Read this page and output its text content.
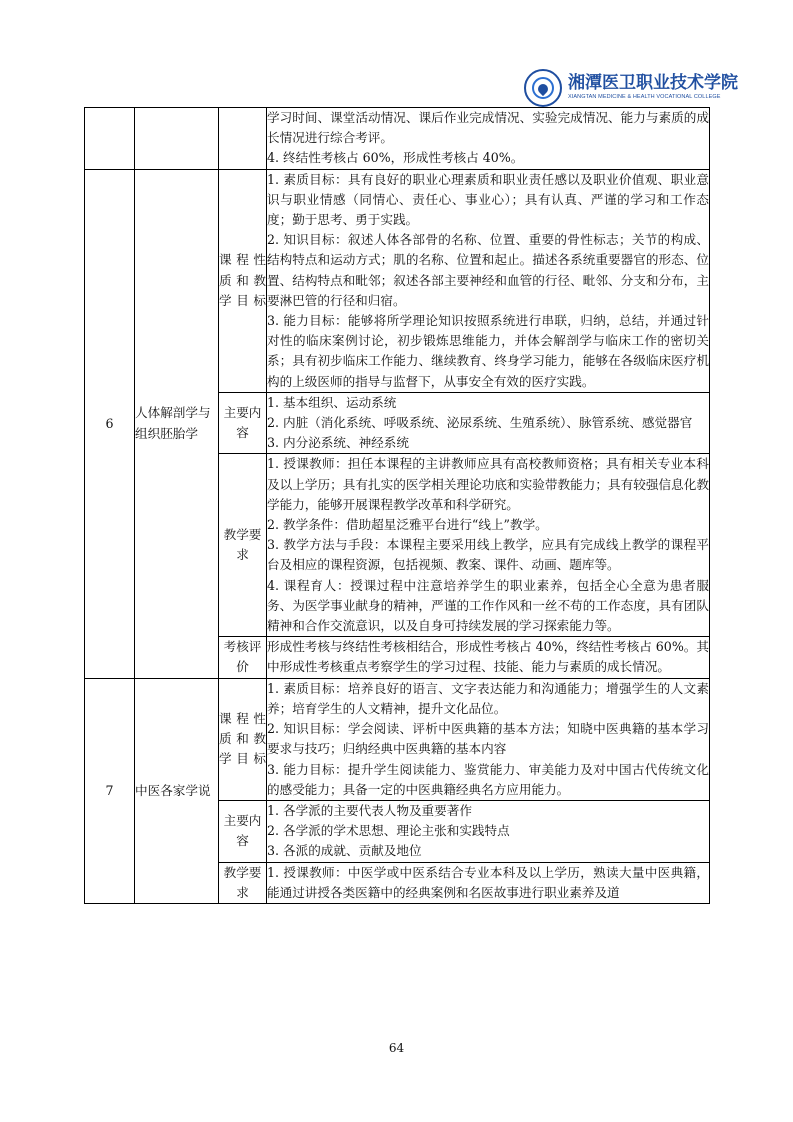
湘潭医卫职业技术学院
XIANGTAN MEDICINE & HEALTH VOCATIONAL COLLEGE

			学习时间、课堂活动情况、课后作业完成情况、实验完成情况、能力与素质的成长情况进行综合考评。

4. 终结性考核占 60%，形成性考核占 40%。

6	人体解剖学与组织胚胎学	课程性质和教学目标	1. 素质目标：具有良好的职业心理素质和职业责任感以及职业价值观、职业意识与职业情感（同情心、责任心、事业心）；具有认真、严谨的学习和工作态度；勤于思考、勇于实践。

2. 知识目标：叙述人体各部骨的名称、位置、重要的骨性标志；关节的构成、结构特点和运动方式；肌的名称、位置和起止。描述各系统重要器官的形态、位置、结构特点和毗邻；叙述各部主要神经和血管的行径、毗邻、分支和分布，主要淋巴管的行径和归宿。

3. 能力目标：能够将所学理论知识按照系统进行串联，归纳，总结，并通过针对性的临床案例讨论，初步锻炼思维能力，并体会解剖学与临床工作的密切关系；具有初步临床工作能力、继续教育、终身学习能力，能够在各级临床医疗机构的上级医师的指导与监督下，从事安全有效的医疗实践。

		主要内容	1. 基本组织、运动系统

2. 内脏（消化系统、呼吸系统、泌尿系统、生殖系统）、脉管系统、感觉器官

3. 内分泌系统、神经系统

		教学要求	1. 授课教师：担任本课程的主讲教师应具有高校教师资格；具有相关专业本科及以上学历；具有扎实的医学相关理论功底和实验带教能力；具有较强信息化教学能力，能够开展课程教学改革和科学研究。

2. 教学条件：借助超星泛雅平台进行“线上”教学。

3. 教学方法与手段：本课程主要采用线上教学，应具有完成线上教学的课程平台及相应的课程资源，包括视频、教案、课件、动画、题库等。

4. 课程育人：授课过程中注意培养学生的职业素养，包括全心全意为患者服务、为医学事业献身的精神，严谨的工作作风和一丝不苟的工作态度，具有团队精神和合作交流意识，以及自身可持续发展的学习探索能力等。

		考核评价	形成性考核与终结性考核相结合，形成性考核占 40%，终结性考核占 60%。其中形成性考核重点考察学生的学习过程、技能、能力与素质的成长情况。

7	中医各家学说	课程性质和教学目标	1. 素质目标：培养良好的语言、文字表达能力和沟通能力；增强学生的人文素养；培育学生的人文精神，提升文化品位。

2. 知识目标：学会阅读、评析中医典籍的基本方法；知晓中医典籍的基本学习要求与技巧；归纳经典中医典籍的基本内容

3. 能力目标：提升学生阅读能力、鉴赏能力、审美能力及对中国古代传统文化的感受能力；具备一定的中医典籍经典名方应用能力。

		主要内容	1. 各学派的主要代表人物及重要著作

2. 各学派的学术思想、理论主张和实践特点

3. 各派的成就、贡献及地位

		教学要求	1. 授课教师：中医学或中医系结合专业本科及以上学历，熟读大量中医典籍，能通过讲授各类医籍中的经典案例和名医故事进行职业素养及道

64
